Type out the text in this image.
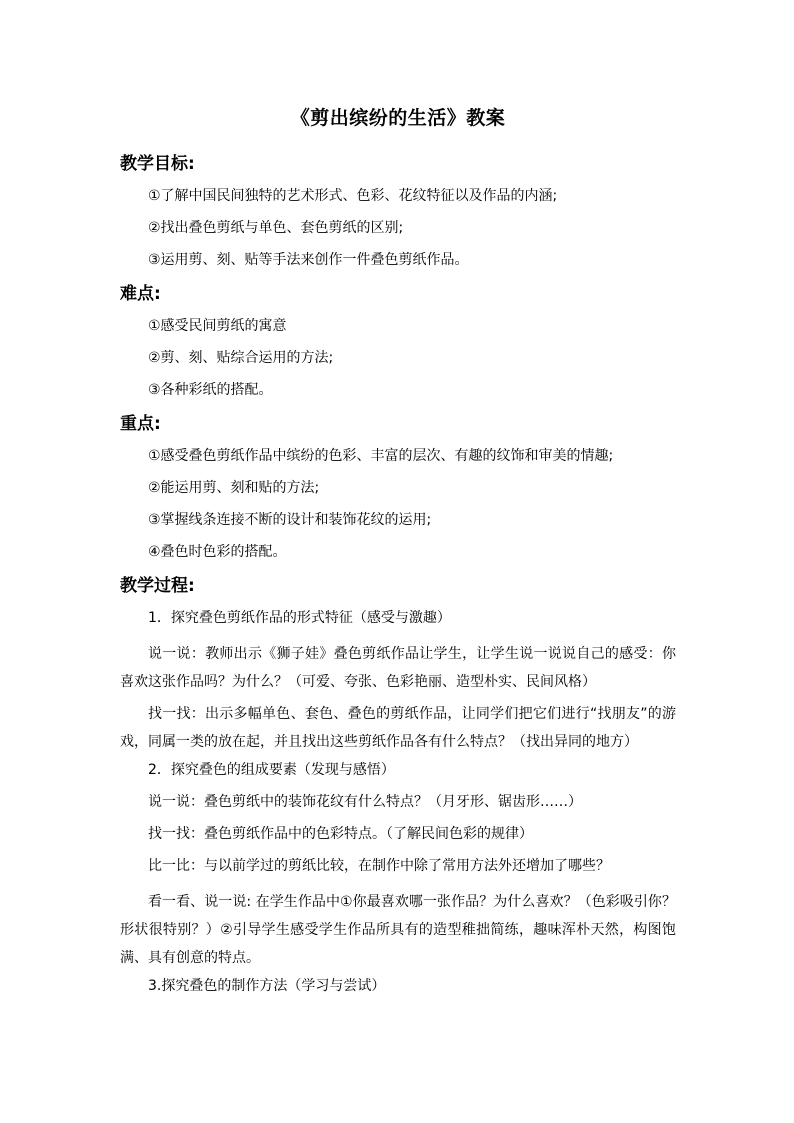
《剪出缤纷的生活》教案
教学目标:

①了解中国民间独特的艺术形式、色彩、花纹特征以及作品的内涵;

②找出叠色剪纸与单色、套色剪纸的区别;

③运用剪、刻、贴等手法来创作一件叠色剪纸作品。

难点:

①感受民间剪纸的寓意

②剪、刻、贴综合运用的方法;

③各种彩纸的搭配。

重点:

①感受叠色剪纸作品中缤纷的色彩、丰富的层次、有趣的纹饰和审美的情趣;

②能运用剪、刻和贴的方法;

③掌握线条连接不断的设计和装饰花纹的运用;

④叠色时色彩的搭配。

教学过程:

1．探究叠色剪纸作品的形式特征（感受与激趣）

说一说：教师出示《狮子娃》叠色剪纸作品让学生，让学生说一说说自己的感受：你喜欢这张作品吗？为什么？（可爱、夸张、色彩艳丽、造型朴实、民间风格）

找一找：出示多幅单色、套色、叠色的剪纸作品，让同学们把它们进行“找朋友”的游戏，同属一类的放在起，并且找出这些剪纸作品各有什么特点？（找出异同的地方）

2．探究叠色的组成要素（发现与感悟）

说一说：叠色剪纸中的装饰花纹有什么特点？（月牙形、锯齿形……）

找一找：叠色剪纸作品中的色彩特点。（了解民间色彩的规律）

比一比：与以前学过的剪纸比较，在制作中除了常用方法外还增加了哪些？

看一看、说一说: 在学生作品中①你最喜欢哪一张作品？为什么喜欢？（色彩吸引你？形状很特别？）②引导学生感受学生作品所具有的造型稚拙简练，趣味浑朴天然，构图饱满、具有创意的特点。

3.探究叠色的制作方法（学习与尝试）
